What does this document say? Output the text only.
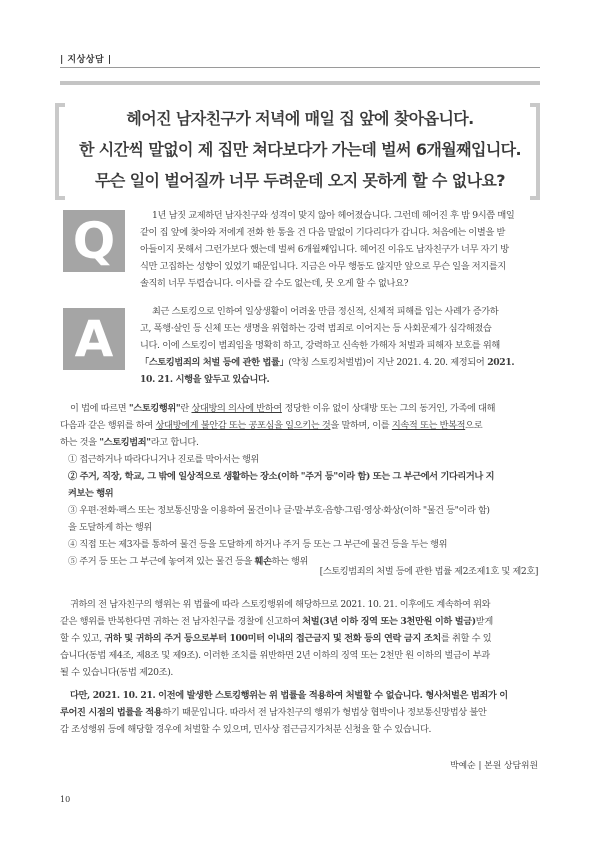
| 지상상담 |
헤어진 남자친구가 저녁에 매일 집 앞에 찾아옵니다.
한 시간씩 말없이 제 집만 쳐다보다가 가는데 벌써 6개월째입니다.
무슨 일이 벌어질까 너무 두려운데 오지 못하게 할 수 없나요?
Q	1년 남짓 교제하던 남자친구와 성격이 맞지 않아 헤어졌습니다. 그런데 헤어진 후 밤 9시쯤 매일
같이 집 앞에 찾아와 저에게 전화 한 통을 건 다음 말없이 기다리다가 갑니다. 처음에는 이별을 받
아들이지 못해서 그런가보다 했는데 벌써 6개월째입니다. 헤어진 이유도 남자친구가 너무 자기 방
식만 고집하는 성향이 있었기 때문입니다. 지금은 아무 행동도 않지만 앞으로 무슨 일을 저지를지
솔직히 너무 두렵습니다. 이사를 갈 수도 없는데, 못 오게 할 수 없나요?
A	최근 스토킹으로 인하여 일상생활이 어려울 만큼 정신적, 신체적 피해를 입는 사례가 증가하
고, 폭행·살인 등 신체 또는 생명을 위협하는 강력 범죄로 이어지는 등 사회문제가 심각해졌습
니다. 이에 스토킹이 범죄임을 명확히 하고, 강력하고 신속한 가해자 처벌과 피해자 보호를 위해
「스토킹범죄의 처벌 등에 관한 법률」(약칭 스토킹처벌법)이 지난 2021. 4. 20. 제정되어 2021.
10. 21. 시행을 앞두고 있습니다.
이 법에 따르면 "스토킹행위"란 상대방의 의사에 반하여 정당한 이유 없이 상대방 또는 그의 동거인, 가족에 대해
다음과 같은 행위를 하여 상대방에게 불안감 또는 공포심을 일으키는 것을 말하며, 이를 지속적 또는 반복적으로
하는 것을 "스토킹범죄"라고 합니다.
① 접근하거나 따라다니거나 진로를 막아서는 행위
② 주거, 직장, 학교, 그 밖에 일상적으로 생활하는 장소(이하 "주거 등"이라 함) 또는 그 부근에서 기다리거나 지
켜보는 행위
③ 우편·전화·팩스 또는 정보통신망을 이용하여 물건이나 글·말·부호·음향·그림·영상·화상(이하 "물건 등"이라 함)
을 도달하게 하는 행위
④ 직접 또는 제3자를 통하여 물건 등을 도달하게 하거나 주거 등 또는 그 부근에 물건 등을 두는 행위
⑤ 주거 등 또는 그 부근에 놓여져 있는 물건 등을 훼손하는 행위
[스토킹범죄의 처벌 등에 관한 법률 제2조제1호 및 제2호]
귀하의 전 남자친구의 행위는 위 법률에 따라 스토킹행위에 해당하므로 2021. 10. 21. 이후에도 계속하여 위와
같은 행위를 반복한다면 귀하는 전 남자친구를 경찰에 신고하여 처벌(3년 이하 징역 또는 3천만원 이하 벌금)받게
할 수 있고, 귀하 및 귀하의 주거 등으로부터 100미터 이내의 접근금지 및 전화 등의 연락 금지 조치를 취할 수 있
습니다(동법 제4조, 제8조 및 제9조). 이러한 조치를 위반하면 2년 이하의 징역 또는 2천만 원 이하의 벌금이 부과
될 수 있습니다(동법 제20조).
다만, 2021. 10. 21. 이전에 발생한 스토킹행위는 위 법률을 적용하여 처벌할 수 없습니다. 형사처벌은 범죄가 이
루어진 시점의 법률을 적용하기 때문입니다. 따라서 전 남자친구의 행위가 형법상 협박이나 정보통신망법상 불안
감 조성행위 등에 해당할 경우에 처벌할 수 있으며, 민사상 접근금지가처분 신청을 할 수 있습니다.
박예순 | 본원 상담위원
10
